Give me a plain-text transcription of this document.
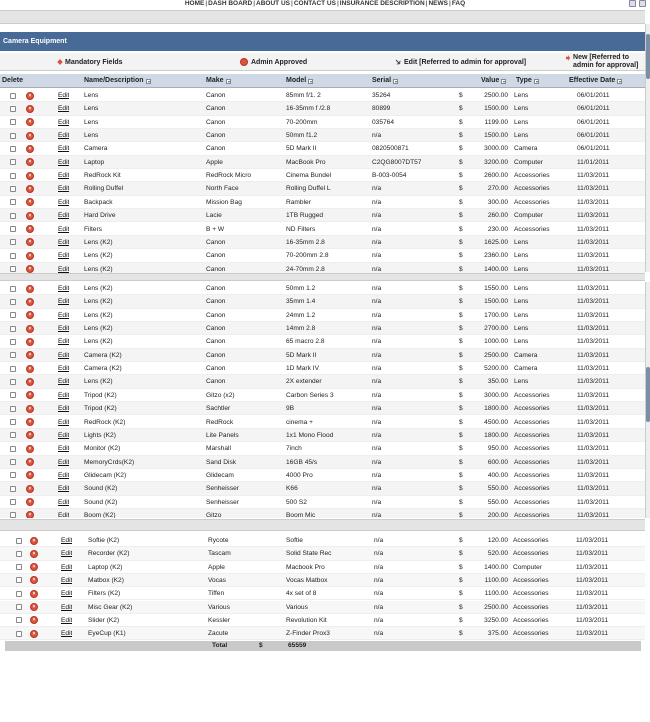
HOME|DASH BOARD|ABOUT US|CONTACT US|INSURANCE DESCRIPTION|NEWS|FAQ
Camera Equipment
Mandatory Fields	Admin Approved	Edit [Referred to admin for approval]
New [Referred to admin for approval]
Delete	Name/Description	Make	Model	Serial	Value Type	Effective Date
×	Edit Lens	Canon	85mm f/1. 2	35264	$	2500.00 Lens	06/01/2011
×	Edit Lens	Canon	16-35mm f /2.8	80899	$	1500.00 Lens	06/01/2011
×	Edit Lens	Canon	70-200mm	035764	$	1199.00 Lens	06/01/2011
×	Edit Lens	Canon	50mm f1.2	n/a	$	1500.00 Lens	06/01/2011
×	Edit Camera	Canon	5D Mark II	0820500871	$	3000.00 Camera	06/01/2011
×	Edit Laptop	Apple	MacBook Pro	C2QG8007DT57	$	3200.00 Computer	11/01/2011
×	Edit RedRock Kit	RedRock Micro	Cinema Bundel	B-003-0054	$	2600.00 Accessories	11/03/2011
×	Edit Rolling Duffel	North Face	Rolling Duffel L	n/a	$	270.00 Accessories	11/03/2011
×	Edit Backpack	Mission Bag	Rambler	n/a	$	300.00 Accessories	11/03/2011
×	Edit Hard Drive	Lacie	1TB Rugged	n/a	$	260.00 Computer	11/03/2011
×	Edit Filters	B + W	ND Filters	n/a	$	230.00 Accessories	11/03/2011
×	Edit Lens (K2)	Canon	16-35mm 2.8	n/a	$	1625.00 Lens	11/03/2011
×	Edit Lens (K2)	Canon	70-200mm 2.8	n/a	$	2360.00 Lens	11/03/2011
×	Edit Lens (K2)	Canon	24-70mm 2.8	n/a	$	1400.00 Lens	11/03/2011
×	Edit Lens (K2)	Canon	50mm 1.2	n/a	$	1550.00 Lens	11/03/2011
×	Edit Lens (K2)	Canon	35mm 1.4	n/a	$	1500.00 Lens	11/03/2011
×	Edit Lens (K2)	Canon	24mm 1.2	n/a	$	1700.00 Lens	11/03/2011
×	Edit Lens (K2)	Canon	14mm 2.8	n/a	$	2700.00 Lens	11/03/2011
×	Edit Lens (K2)	Canon	65 macro 2.8	n/a	$	1000.00 Lens	11/03/2011
×	Edit Camera (K2)	Canon	5D Mark II	n/a	$	2500.00 Camera	11/03/2011
×	Edit Camera (K2)	Canon	1D Mark IV	n/a	$	5200.00 Camera	11/03/2011
×	Edit Lens (K2)	Canon	2X extender	n/a	$	350.00 Lens	11/03/2011
×	Edit Tripod (K2)	Gitzo (x2)	Carbon Series 3	n/a	$	3000.00 Accessories	11/03/2011
×	Edit Tripod (K2)	Sachtler	9B	n/a	$	1800.00 Accessories	11/03/2011
×	Edit RedRock (K2)	RedRock	cinema +	n/a	$	4500.00 Accessories	11/03/2011
×	Edit Lights (K2)	Lite Panels	1x1 Mono Flood	n/a	$	1800.00 Accessories	11/03/2011
×	Edit Monitor (K2)	Marshall	7inch	n/a	$	950.00 Accessories	11/03/2011
×	Edit MemoryCrds(K2)	Sand Disk	16GB 45/s	n/a	$	600.00 Accessories	11/03/2011
×	Edit Glidecam (K2)	Glidecam	4000 Pro	n/a	$	400.00 Accessories	11/03/2011
×	Edit Sound (K2)	Senheisser	K66	n/a	$	550.00 Accessories	11/03/2011
×	Edit Sound (K2)	Senheisser	500 S2	n/a	$	550.00 Accessories	11/03/2011
×	Edit Boom (K2)	Gitzo	Boom Mic	n/a	$	200.00 Accessories	11/03/2011
×	Edit Softie (K2)	Rycote	Softie	n/a	$	120.00 Accessories	11/03/2011
×	Edit Recorder (K2)	Tascam	Solid State Rec	n/a	$	520.00 Accessories	11/03/2011
×	Edit Laptop (K2)	Apple	Macbook Pro	n/a	$	1400.00 Computer	11/03/2011
×	Edit Matbox (K2)	Vocas	Vocas Matbox	n/a	$	1100.00 Accessories	11/03/2011
×	Edit Filters (K2)	Tiffen	4x set of 8	n/a	$	1100.00 Accessories	11/03/2011
×	Edit Misc Gear (K2)	Various	Various	n/a	$	2500.00 Accessories	11/03/2011
×	Edit Slider (K2)	Kessler	Revolution Kit	n/a	$	3250.00 Accessories	11/03/2011
×	Edit EyeCup (K1)	Zacute	Z-Finder Prox3	n/a	$	375.00 Accessories	11/03/2011
Total	$	65559
